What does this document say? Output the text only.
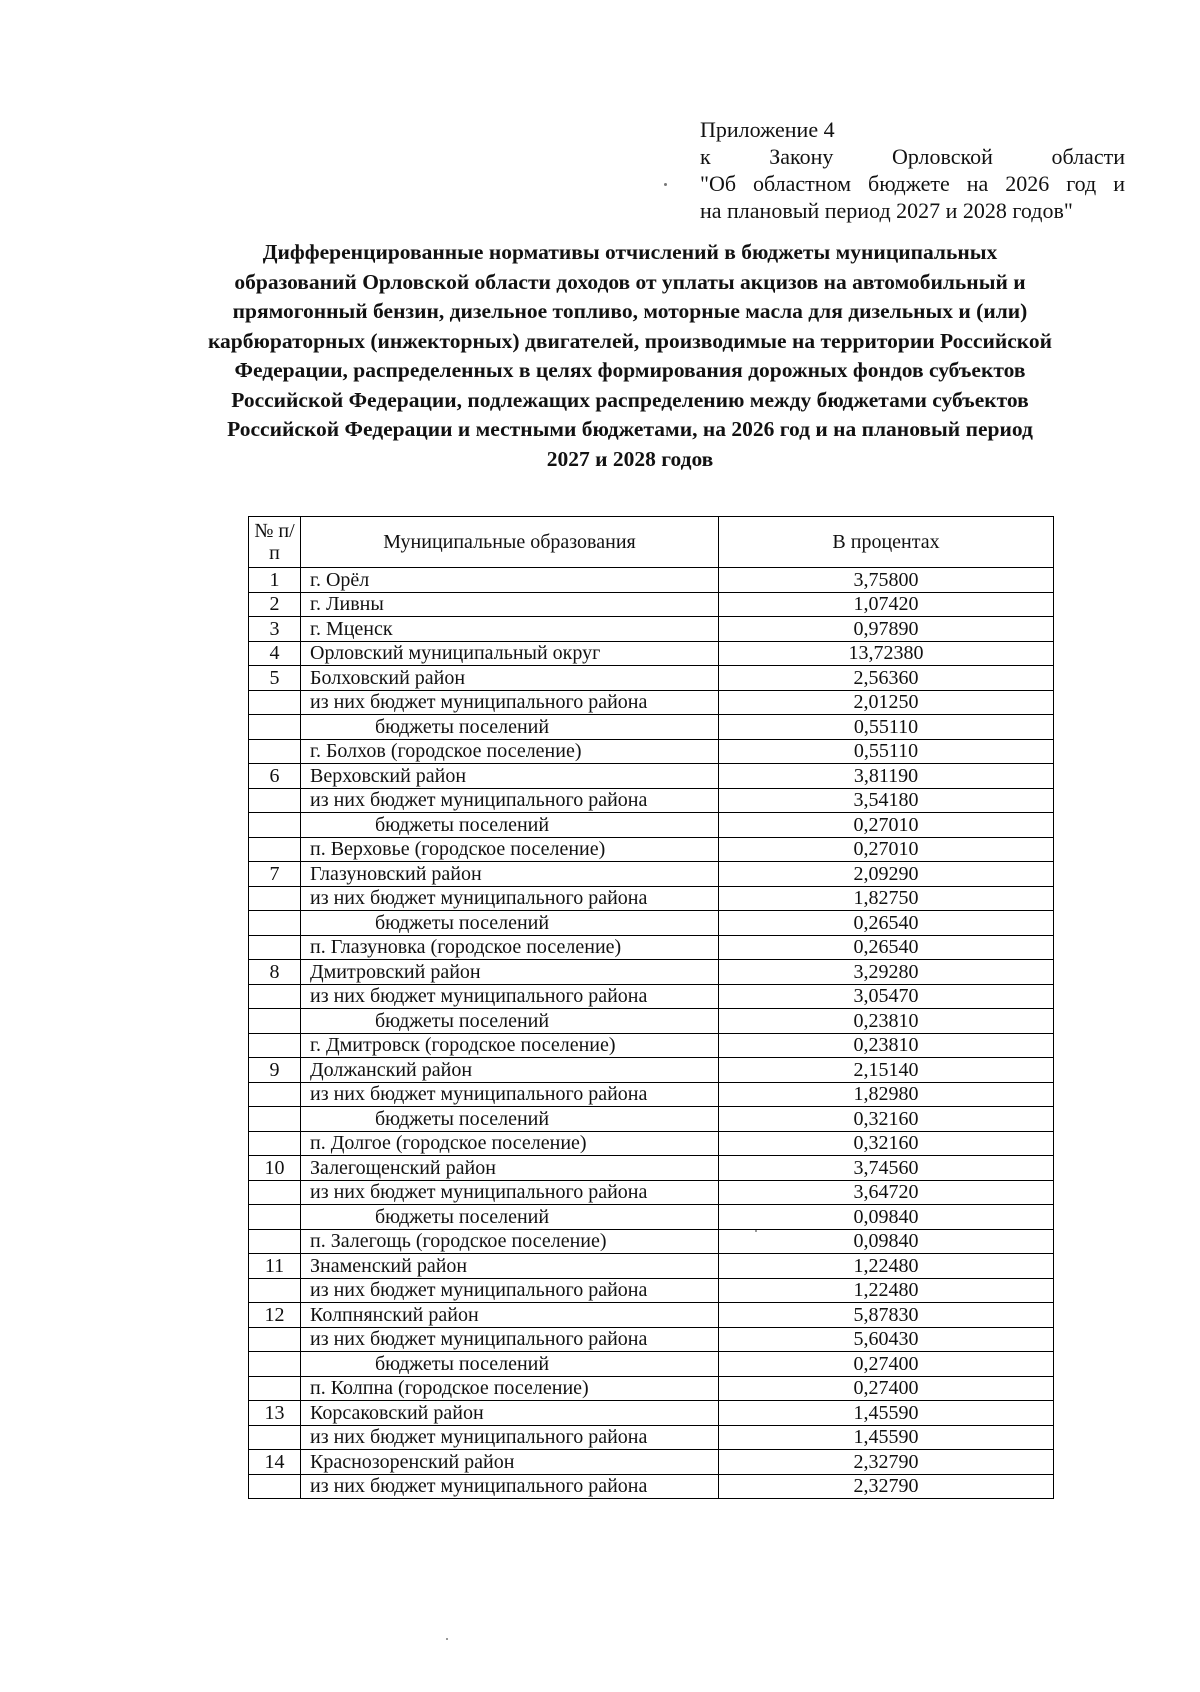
Приложение 4
к	Закону	Орловской	области
"Об областном бюджете на 2026 год и
на плановый период 2027 и 2028 годов"
Дифференцированные нормативы отчислений в бюджеты муниципальных
образований Орловской области доходов от уплаты акцизов на автомобильный и
прямогонный бензин, дизельное топливо, моторные масла для дизельных и (или)
карбюраторных (инжекторных) двигателей, производимые на территории Российской
Федерации, распределенных в целях формирования дорожных фондов субъектов
Российской Федерации, подлежащих распределению между бюджетами субъектов
Российской Федерации и местными бюджетами, на 2026 год и на плановый период
2027 и 2028 годов
№ п/п	Муниципальные образования	В процентах
1	г. Орёл	3,75800
2	г. Ливны	1,07420
3	г. Мценск	0,97890
4	Орловский муниципальный округ	13,72380
5	Болховский район	2,56360
	из них бюджет муниципального района	2,01250
	бюджеты поселений	0,55110
	г. Болхов (городское поселение)	0,55110
6	Верховский район	3,81190
	из них бюджет муниципального района	3,54180
	бюджеты поселений	0,27010
	п. Верховье (городское поселение)	0,27010
7	Глазуновский район	2,09290
	из них бюджет муниципального района	1,82750
	бюджеты поселений	0,26540
	п. Глазуновка (городское поселение)	0,26540
8	Дмитровский район	3,29280
	из них бюджет муниципального района	3,05470
	бюджеты поселений	0,23810
	г. Дмитровск (городское поселение)	0,23810
9	Должанский район	2,15140
	из них бюджет муниципального района	1,82980
	бюджеты поселений	0,32160
	п. Долгое (городское поселение)	0,32160
10	Залегощенский район	3,74560
	из них бюджет муниципального района	3,64720
	бюджеты поселений	0,09840
	п. Залегощь (городское поселение)	0,09840
11	Знаменский район	1,22480
	из них бюджет муниципального района	1,22480
12	Колпнянский район	5,87830
	из них бюджет муниципального района	5,60430
	бюджеты поселений	0,27400
	п. Колпна (городское поселение)	0,27400
13	Корсаковский район	1,45590
	из них бюджет муниципального района	1,45590
14	Краснозоренский район	2,32790
	из них бюджет муниципального района	2,32790
